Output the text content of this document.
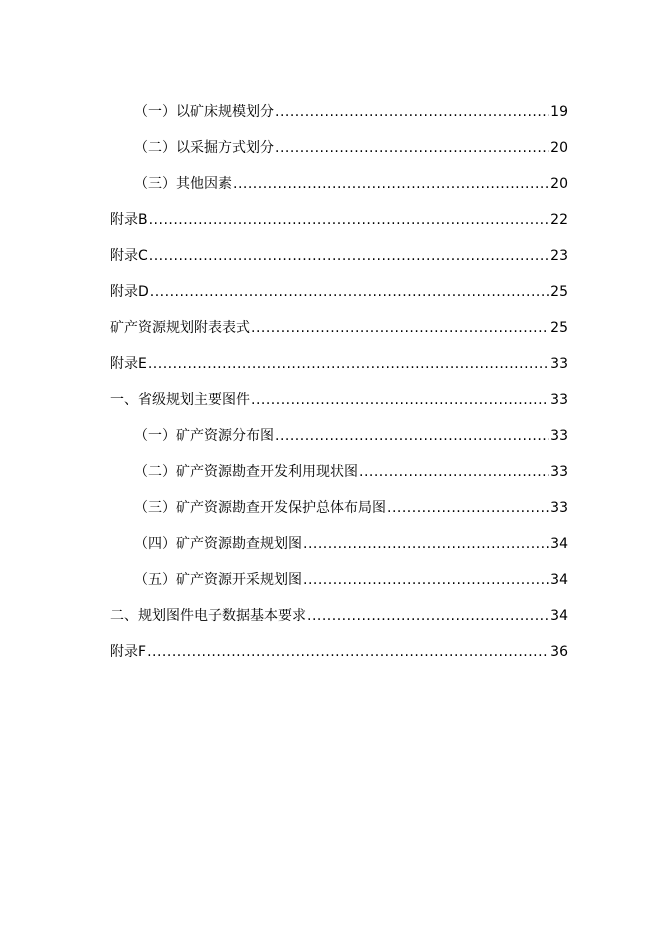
（一）以矿床规模划分 .....	19
（二）以采掘方式划分 .....	20
（三）其他因素 .....	20
附录B .....	22
附录C .....	23
附录D .....	25
矿产资源规划附表表式 .....	25
附录E .....	33
一、省级规划主要图件 .....	33
（一）矿产资源分布图 .....	33
（二）矿产资源勘查开发利用现状图 .....	33
（三）矿产资源勘查开发保护总体布局图 .....	33
（四）矿产资源勘查规划图 .....	34
（五）矿产资源开采规划图 .....	34
二、规划图件电子数据基本要求 .....	34
附录F .....	36
